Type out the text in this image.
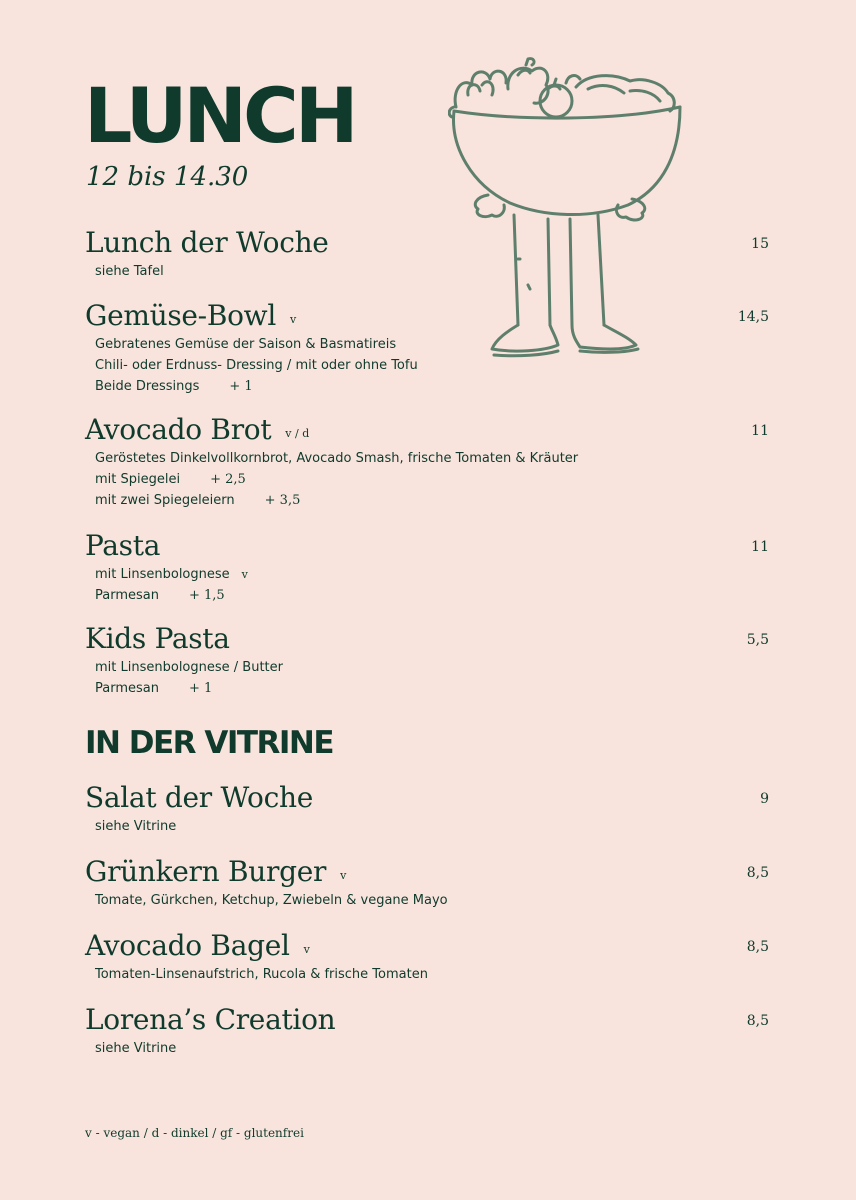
LUNCH
12 bis 14.30
Lunch der Woche	15
siehe Tafel
Gemüse-Bowl v	14,5
Gebratenes Gemüse der Saison & Basmatireis
Chili- oder Erdnuss- Dressing / mit oder ohne Tofu
Beide Dressings + 1
Avocado Brot v / d	11
Geröstetes Dinkelvollkornbrot, Avocado Smash, frische Tomaten & Kräuter
mit Spiegelei + 2,5
mit zwei Spiegeleiern + 3,5
Pasta	11
mit Linsenbolognese v
Parmesan + 1,5
Kids Pasta	5,5
mit Linsenbolognese / Butter
Parmesan + 1
IN DER VITRINE
Salat der Woche	9
siehe Vitrine
Grünkern Burger v	8,5
Tomate, Gürkchen, Ketchup, Zwiebeln & vegane Mayo
Avocado Bagel v	8,5
Tomaten-Linsenaufstrich, Rucola & frische Tomaten
Lorena’s Creation	8,5
siehe Vitrine
v - vegan / d - dinkel / gf - glutenfrei
